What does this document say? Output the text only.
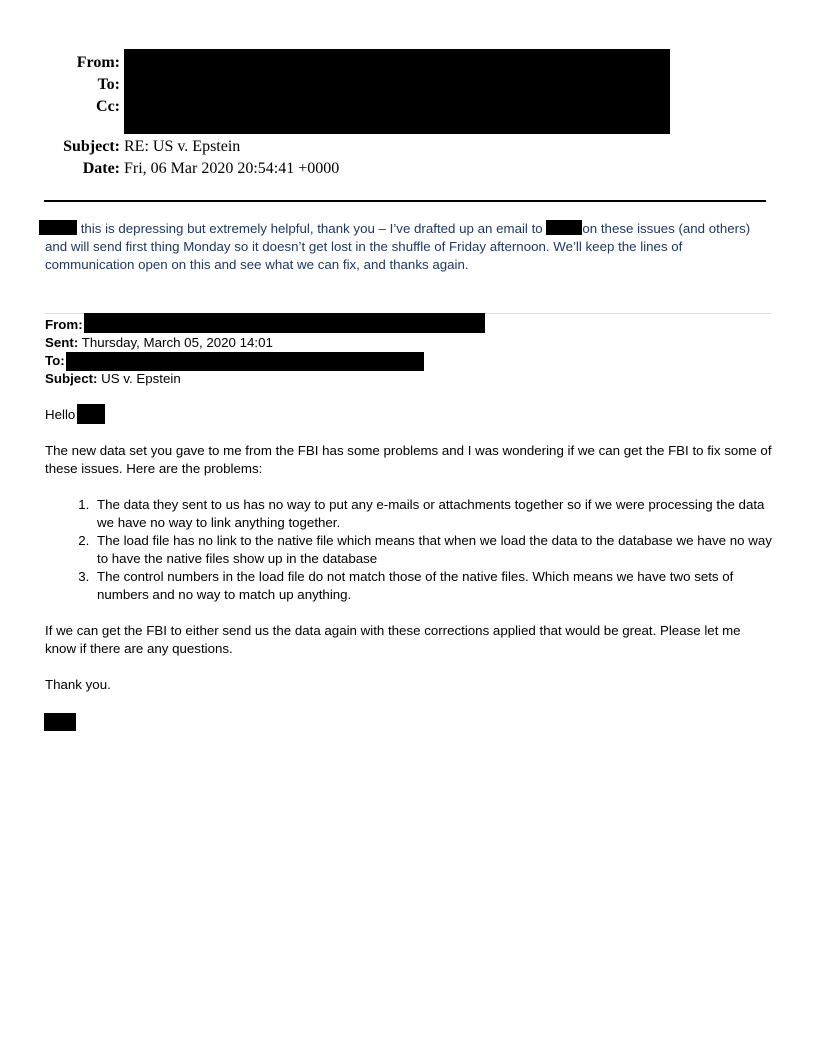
From:
To:
Cc:
Subject: RE: US v. Epstein
Date: Fri, 06 Mar 2020 20:54:41 +0000
this is depressing but extremely helpful, thank you – I’ve drafted up an email to	on these issues (and others) and will send first thing Monday so it doesn’t get lost in the shuffle of Friday afternoon. We’ll keep the lines of communication open on this and see what we can fix, and thanks again.
From:
Sent: Thursday, March 05, 2020 14:01
To:
Subject: US v. Epstein
Hello
The new data set you gave to me from the FBI has some problems and I was wondering if we can get the FBI to fix some of these issues. Here are the problems:
1. The data they sent to us has no way to put any e-mails or attachments together so if we were processing the data we have no way to link anything together.
2. The load file has no link to the native file which means that when we load the data to the database we have no way to have the native files show up in the database
3. The control numbers in the load file do not match those of the native files. Which means we have two sets of numbers and no way to match up anything.
If we can get the FBI to either send us the data again with these corrections applied that would be great. Please let me know if there are any questions.
Thank you.
